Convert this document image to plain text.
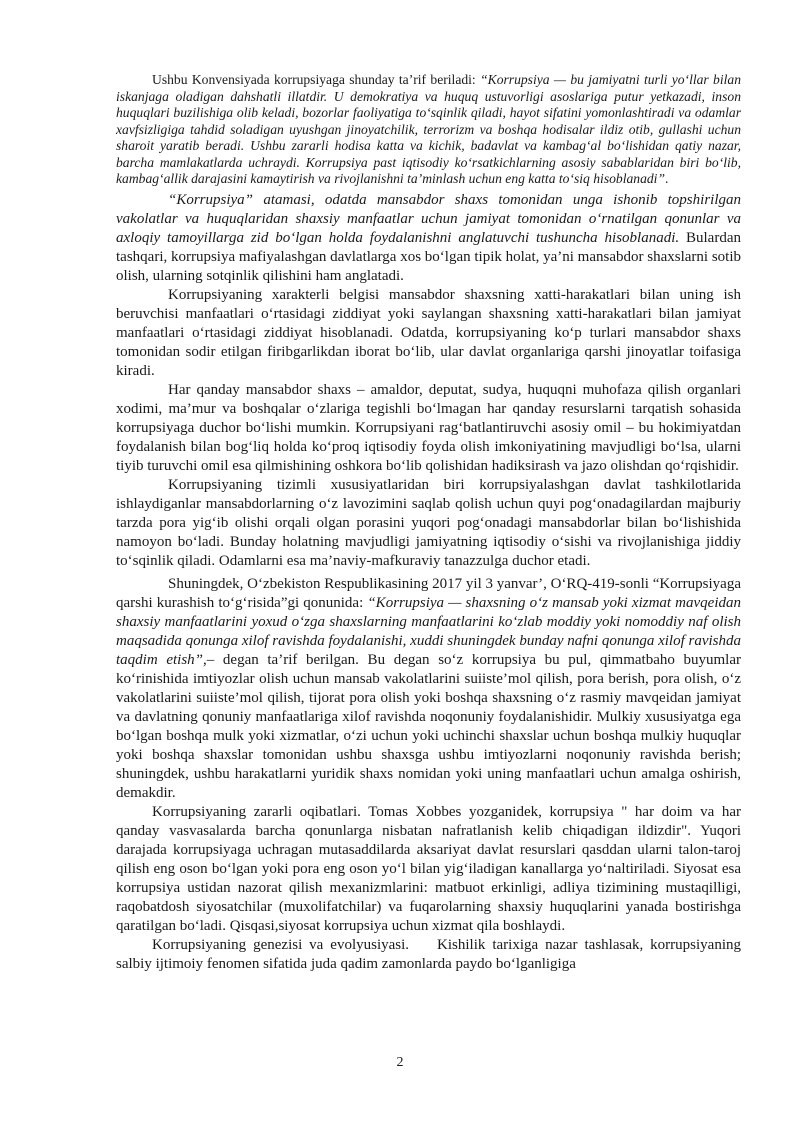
Ushbu Konvensiyada korrupsiyaga shunday ta’rif beriladi: “Korrupsiya — bu jamiyatni turli yo‘llar bilan iskanjaga oladigan dahshatli illatdir. U demokratiya va huquq ustuvorligi asoslariga putur yetkazadi, inson huquqlari buzilishiga olib keladi, bozorlar faoliyatiga to‘sqinlik qiladi, hayot sifatini yomonlashtiradi va odamlar xavfsizligiga tahdid soladigan uyushgan jinoyatchilik, terrorizm va boshqa hodisalar ildiz otib, gullashi uchun sharoit yaratib beradi. Ushbu zararli hodisa katta va kichik, badavlat va kambag‘al bo‘lishidan qatiy nazar, barcha mamlakatlarda uchraydi. Korrupsiya past iqtisodiy ko‘rsatkichlarning asosiy sabablaridan biri bo‘lib, kambag‘allik darajasini kamaytirish va rivojlanishni ta’minlash uchun eng katta to‘siq hisoblanadi”.

“Korrupsiya” atamasi, odatda mansabdor shaxs tomonidan unga ishonib topshirilgan vakolatlar va huquqlaridan shaxsiy manfaatlar uchun jamiyat tomonidan o‘rnatilgan qonunlar va axloqiy tamoyillarga zid bo‘lgan holda foydalanishni anglatuvchi tushuncha hisoblanadi. Bulardan tashqari, korrupsiya mafiyalashgan davlatlarga xos bo‘lgan tipik holat, ya’ni mansabdor shaxslarni sotib olish, ularning sotqinlik qilishini ham anglatadi.

Korrupsiyaning xarakterli belgisi mansabdor shaxsning xatti-harakatlari bilan uning ish beruvchisi manfaatlari o‘rtasidagi ziddiyat yoki saylangan shaxsning xatti-harakatlari bilan jamiyat manfaatlari o‘rtasidagi ziddiyat hisoblanadi. Odatda, korrupsiyaning ko‘p turlari mansabdor shaxs tomonidan sodir etilgan firibgarlikdan iborat bo‘lib, ular davlat organlariga qarshi jinoyatlar toifasiga kiradi.

Har qanday mansabdor shaxs – amaldor, deputat, sudya, huquqni muhofaza qilish organlari xodimi, ma’mur va boshqalar o‘zlariga tegishli bo‘lmagan har qanday resurslarni tarqatish sohasida korrupsiyaga duchor bo‘lishi mumkin. Korrupsiyani rag‘batlantiruvchi asosiy omil – bu hokimiyatdan foydalanish bilan bog‘liq holda ko‘proq iqtisodiy foyda olish imkoniyatining mavjudligi bo‘lsa, ularni tiyib turuvchi omil esa qilmishining oshkora bo‘lib qolishidan hadiksirash va jazo olishdan qo‘rqishidir.

Korrupsiyaning tizimli xususiyatlaridan biri korrupsiyalashgan davlat tashkilotlarida ishlaydiganlar mansabdorlarning o‘z lavozimini saqlab qolish uchun quyi pog‘onadagilardan majburiy tarzda pora yig‘ib olishi orqali olgan porasini yuqori pog‘onadagi mansabdorlar bilan bo‘lishishida namoyon bo‘ladi. Bunday holatning mavjudligi jamiyatning iqtisodiy o‘sishi va rivojlanishiga jiddiy to‘sqinlik qiladi. Odamlarni esa ma’naviy-mafkuraviy tanazzulga duchor etadi.

Shuningdek, O‘zbekiston Respublikasining 2017 yil 3 yanvar’, O‘RQ-419-sonli “Korrupsiyaga qarshi kurashish to‘g‘risida”gi qonunida: “Korrupsiya — shaxsning o‘z mansab yoki xizmat mavqeidan shaxsiy manfaatlarini yoxud o‘zga shaxslarning manfaatlarini ko‘zlab moddiy yoki nomoddiy naf olish maqsadida qonunga xilof ravishda foydalanishi, xuddi shuningdek bunday nafni qonunga xilof ravishda taqdim etish”,– degan ta’rif berilgan. Bu degan so‘z korrupsiya bu pul, qimmatbaho buyumlar ko‘rinishida imtiyozlar olish uchun mansab vakolatlarini suiiste’mol qilish, pora berish, pora olish, o‘z vakolatlarini suiiste’mol qilish, tijorat pora olish yoki boshqa shaxsning o‘z rasmiy mavqeidan jamiyat va davlatning qonuniy manfaatlariga xilof ravishda noqonuniy foydalanishidir. Mulkiy xususiyatga ega bo‘lgan boshqa mulk yoki xizmatlar, o‘zi uchun yoki uchinchi shaxslar uchun boshqa mulkiy huquqlar yoki boshqa shaxslar tomonidan ushbu shaxsga ushbu imtiyozlarni noqonuniy ravishda berish; shuningdek, ushbu harakatlarni yuridik shaxs nomidan yoki uning manfaatlari uchun amalga oshirish, demakdir.

Korrupsiyaning zararli oqibatlari. Tomas Xobbes yozganidek, korrupsiya " har doim va har qanday vasvasalarda barcha qonunlarga nisbatan nafratlanish kelib chiqadigan ildizdir". Yuqori darajada korrupsiyaga uchragan mutasaddilarda aksariyat davlat resurslari qasddan ularni talon-taroj qilish eng oson bo‘lgan yoki pora eng oson yo‘l bilan yig‘iladigan kanallarga yo‘naltiriladi. Siyosat esa korrupsiya ustidan nazorat qilish mexanizmlarini: matbuot erkinligi, adliya tizimining mustaqilligi, raqobatdosh siyosatchilar (muxolifatchilar) va fuqarolarning shaxsiy huquqlarini yanada bostirishga qaratilgan bo‘ladi. Qisqasi,siyosat korrupsiya uchun xizmat qila boshlaydi.

Korrupsiyaning genezisi va evolyusiyasi. Kishilik tarixiga nazar tashlasak, korrupsiyaning salbiy ijtimoiy fenomen sifatida juda qadim zamonlarda paydo bo‘lganligiga

2
